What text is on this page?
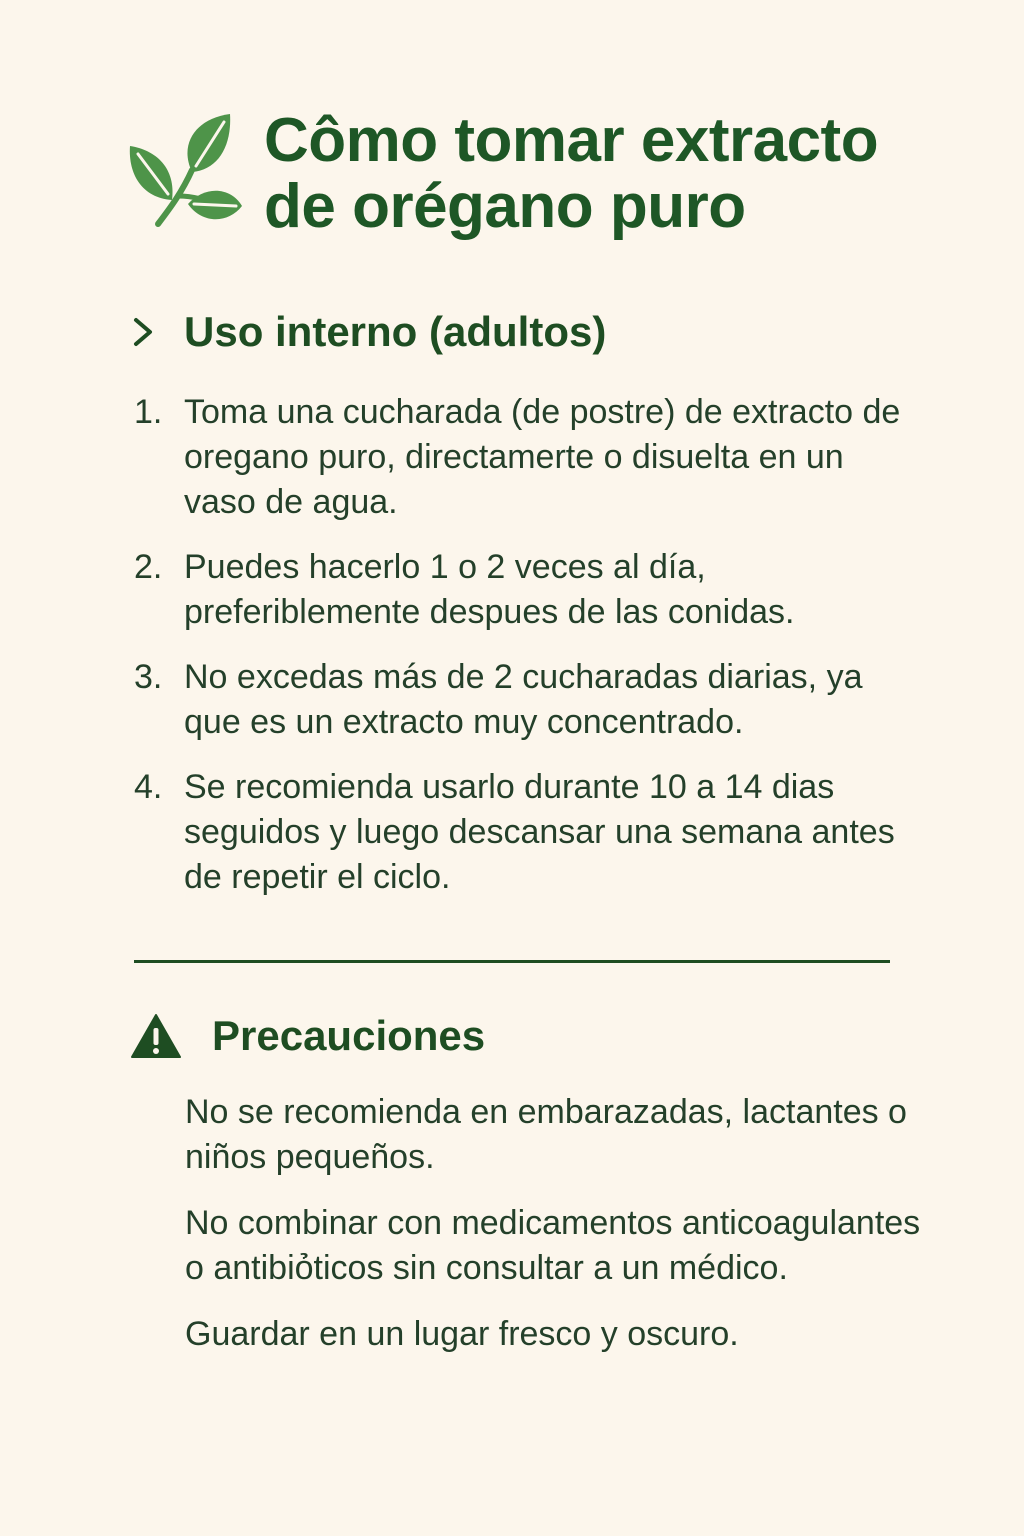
Cômo tomar extracto
de orégano puro
Uso interno (adultos)
1. Toma una cucharada (de postre) de extracto de oregano puro, directamerte o disuelta en un vaso de agua.
2. Puedes hacerlo 1 o 2 veces al día, preferiblemente despues de las conidas.
3. No excedas más de 2 cucharadas diarias, ya que es un extracto muy concentrado.
4. Se recomienda usarlo durante 10 a 14 dias seguidos y luego descansar una semana antes de repetir el ciclo.
Precauciones

No se recomienda en embarazadas, lactantes o niños pequeños.

No combinar con medicamentos anticoagulantes o antibiỏticos sin consultar a un médico.

Guardar en un lugar fresco y oscuro.
